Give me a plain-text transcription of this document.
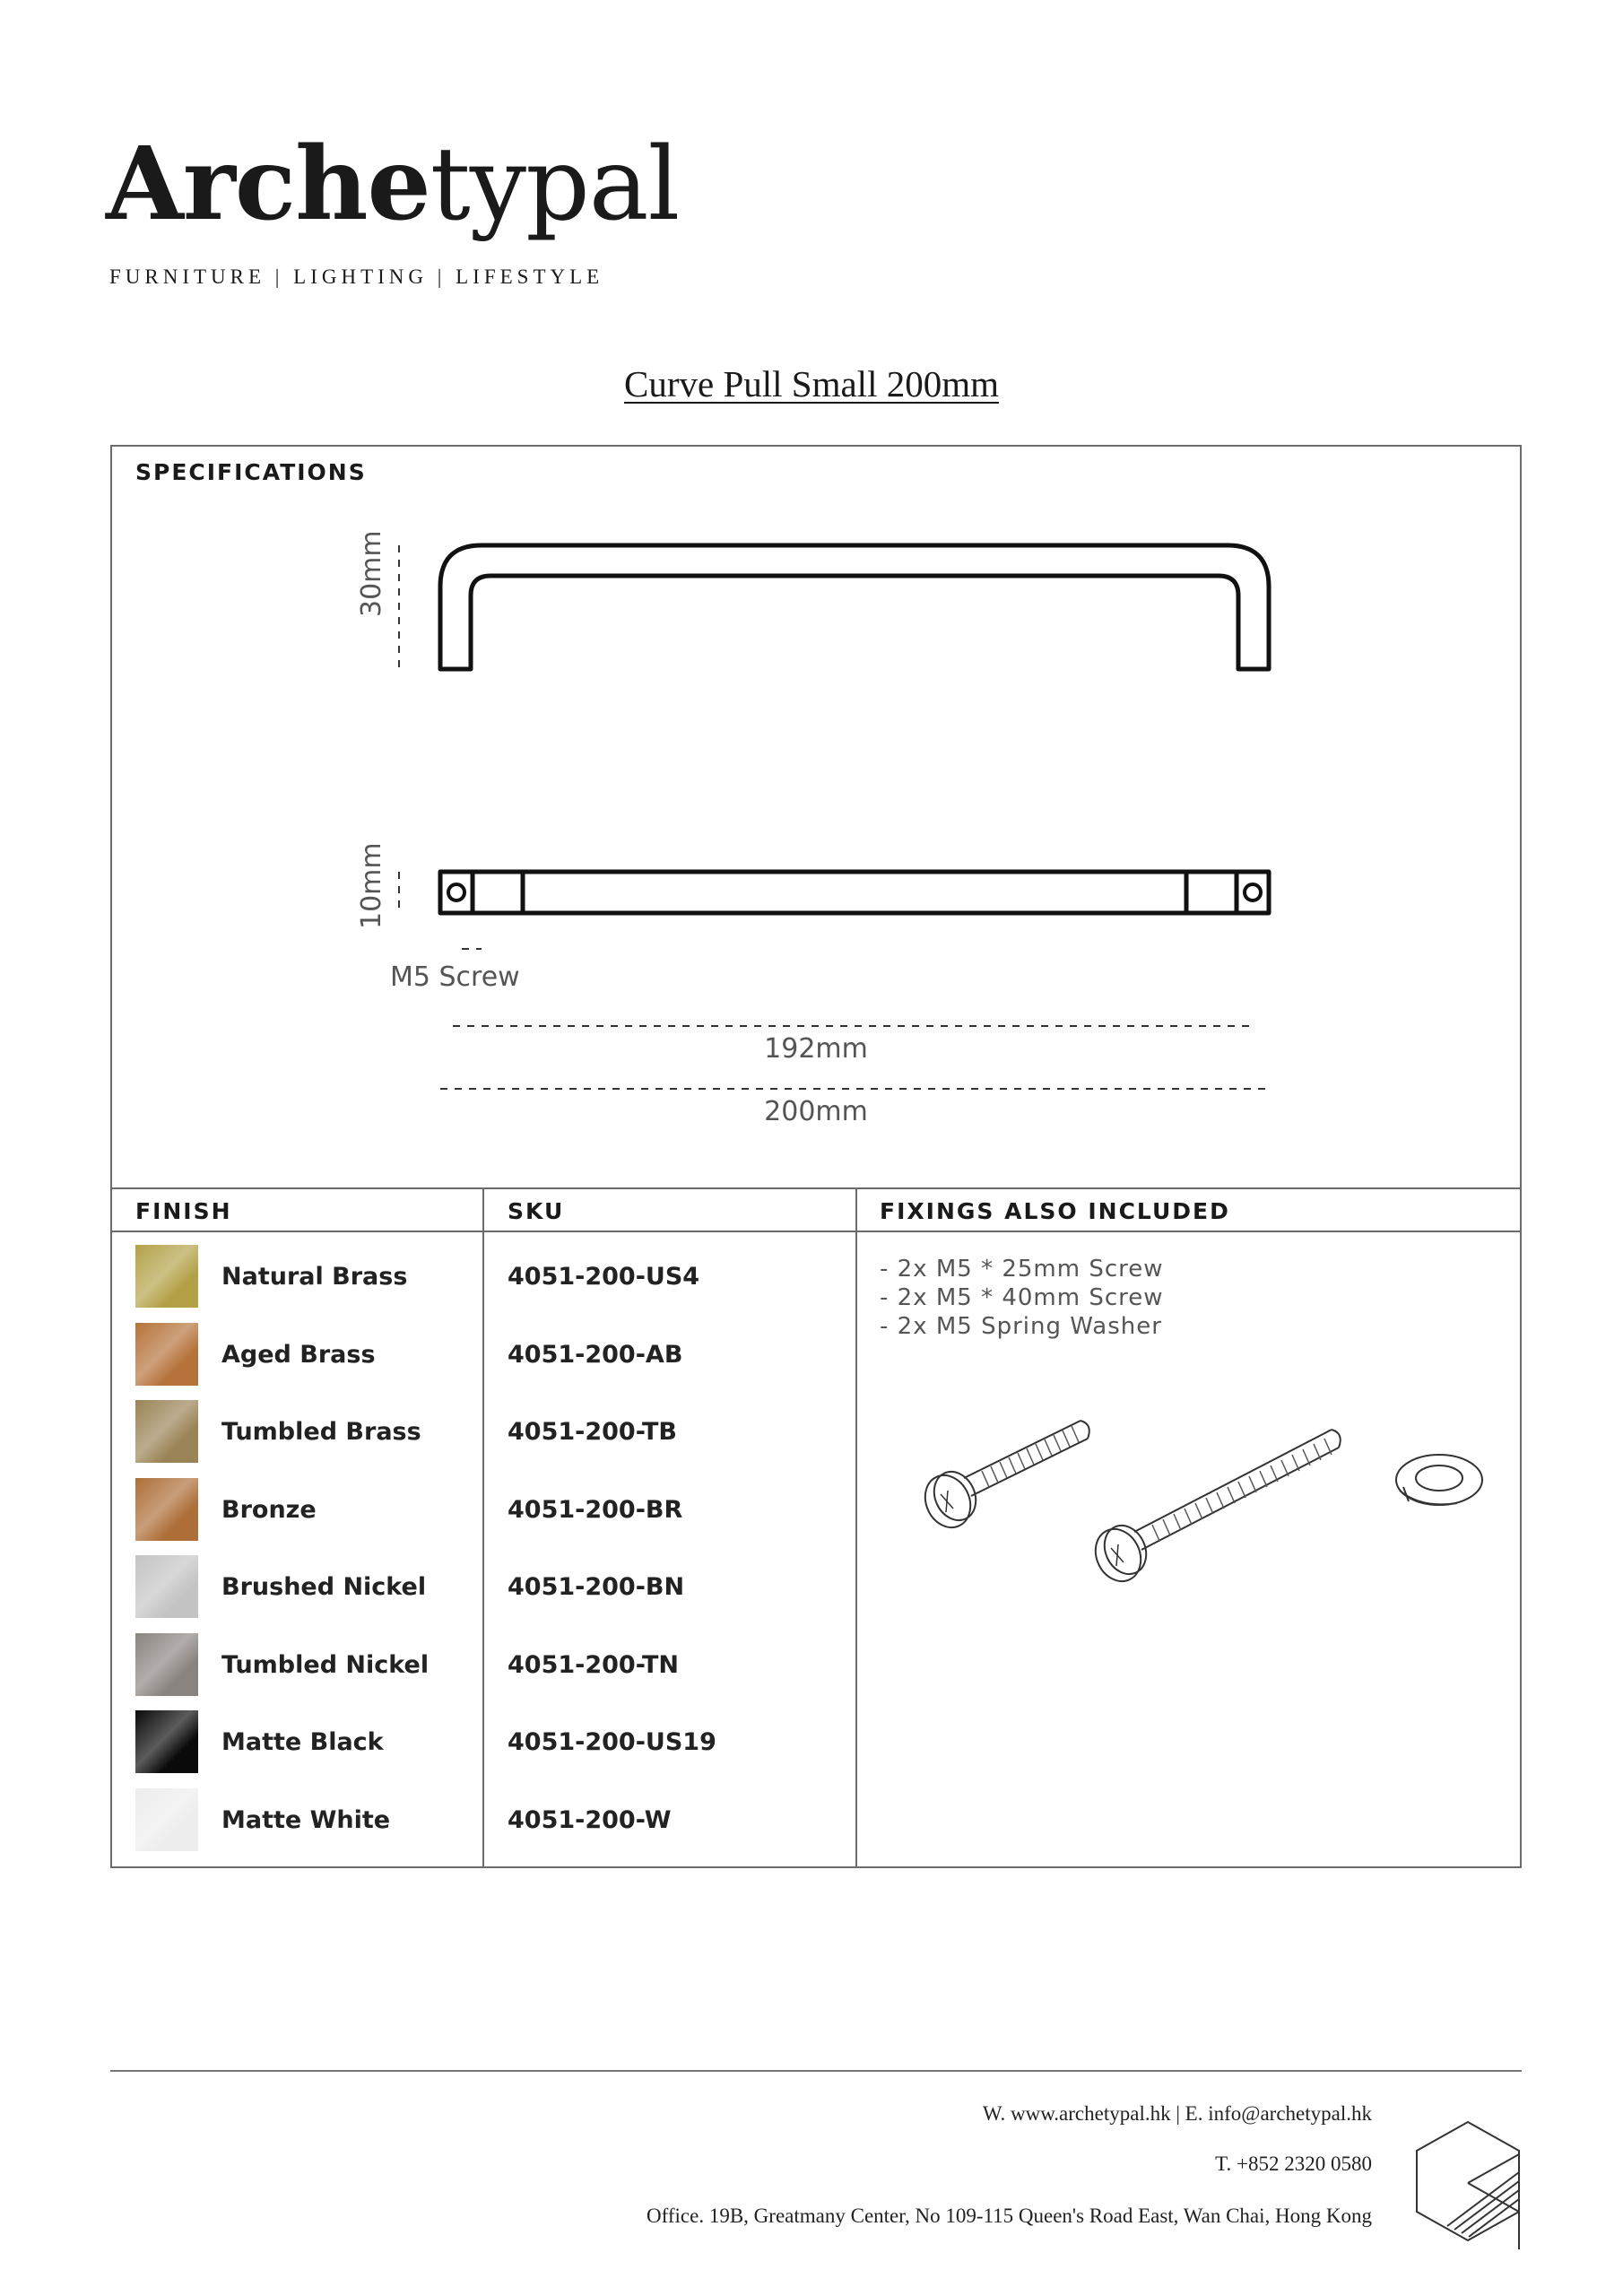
Archetypal
FURNITURE | LIGHTING | LIFESTYLE
Curve Pull Small 200mm
SPECIFICATIONS
30mm
10mm
M5 Screw
192mm
200mm
FINISH	SKU	FIXINGS ALSO INCLUDED
Natural Brass	4051-200-US4
Aged Brass	4051-200-AB
Tumbled Brass	4051-200-TB
Bronze	4051-200-BR
Brushed Nickel	4051-200-BN
Tumbled Nickel	4051-200-TN
Matte Black	4051-200-US19
Matte White	4051-200-W
- 2x M5 * 25mm Screw
- 2x M5 * 40mm Screw
- 2x M5 Spring Washer
W. www.archetypal.hk | E. info@archetypal.hk
T. +852 2320 0580
Office. 19B, Greatmany Center, No 109-115 Queen's Road East, Wan Chai, Hong Kong
